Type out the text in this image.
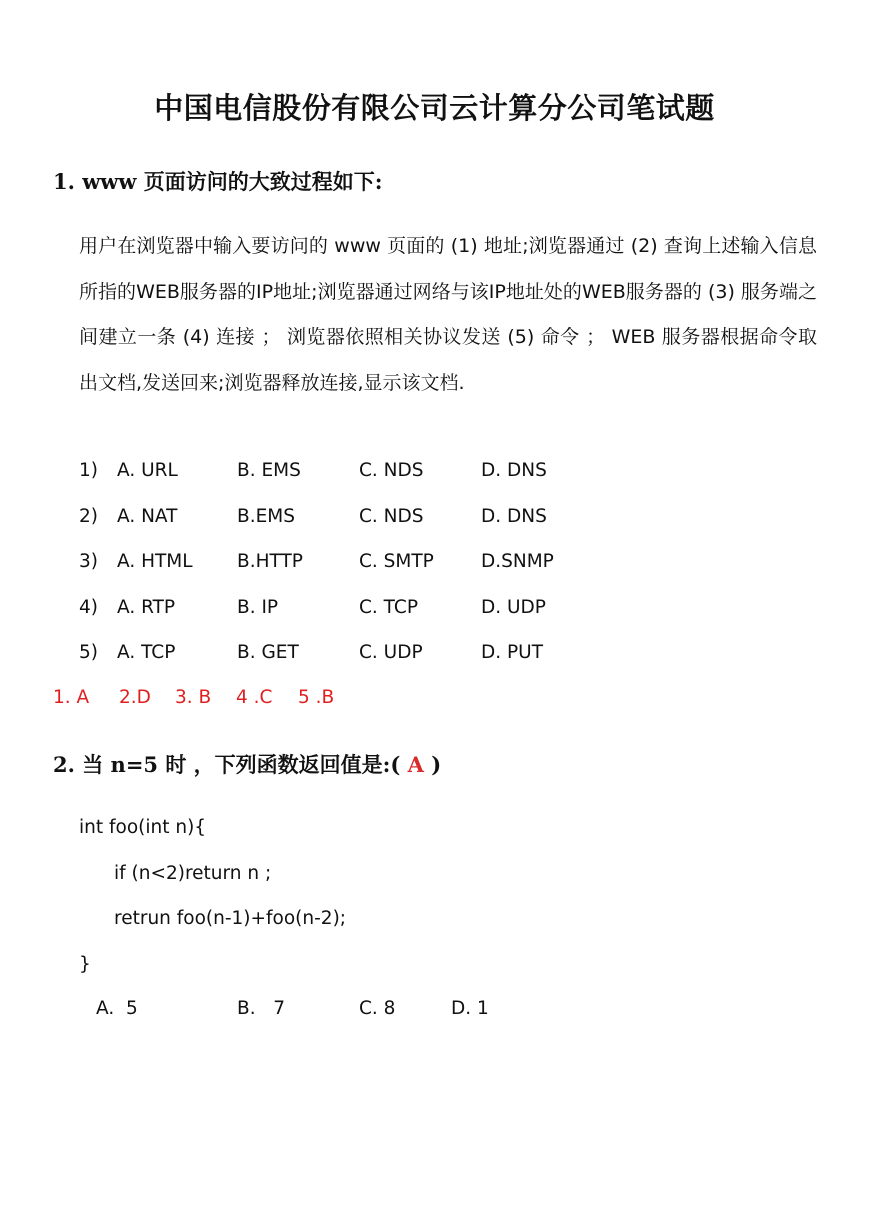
中国电信股份有限公司云计算分公司笔试题
1. www 页面访问的大致过程如下:
用户在浏览器中输入要访问的 www 页面的 (1) 地址;浏览器通过 (2) 查询上述输入信息所指的WEB服务器的IP地址;浏览器通过网络与该IP地址处的WEB服务器的 (3) 服务端之间建立一条 (4) 连接 ； 浏览器依照相关协议发送 (5) 命令 ； WEB 服务器根据命令取出文档,发送回来;浏览器释放连接,显示该文档.
1) A. URL	B. EMS	C. NDS	D. DNS
2) A. NAT	B.EMS	C. NDS	D. DNS
3) A. HTML B.HTTP	C. SMTP	D.SNMP
4) A. RTP	B. IP	C. TCP	D. UDP
5) A. TCP	B. GET	C. UDP	D. PUT
1. A 2.D 3. B 4 .C 5 .B
2. 当 n=5 时 ，下列函数返回值是:( A )
int foo(int n){
if (n<2)return n ;
retrun foo(n-1)+foo(n-2);
}
A.  5	B.   7	C. 8	D. 1
